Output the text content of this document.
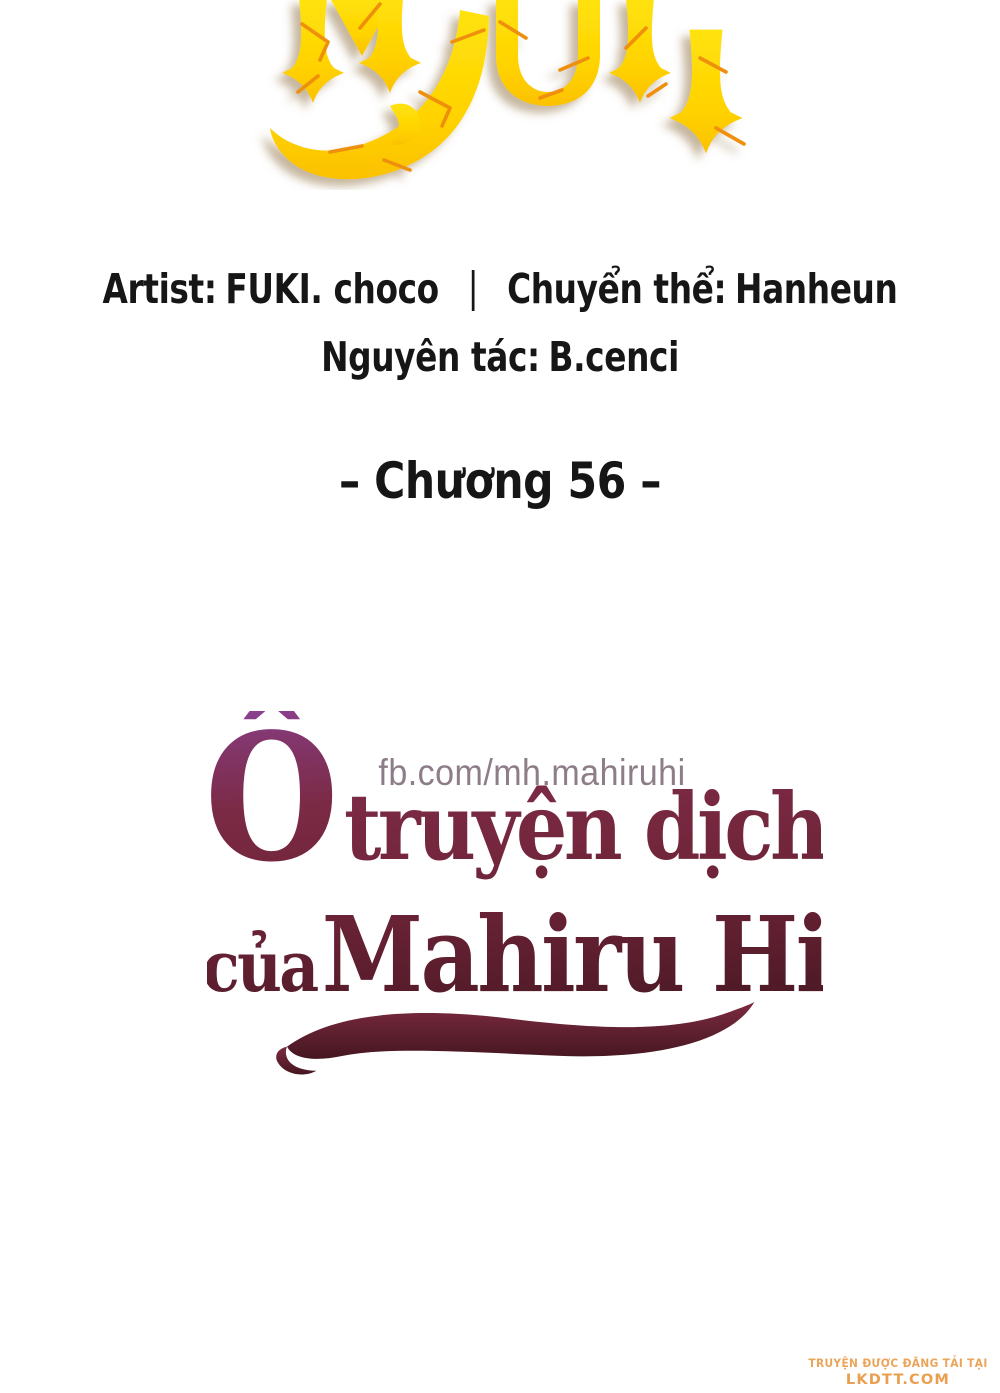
Artist: FUKI. choco | Chuyển thể: Hanheun
Nguyên tác: B.cenci
– Chương 56 –
Ổ truyện dịch
của Mahiru Hi
TRUYỆN ĐƯỢC ĐĂNG TẢI TẠI
LKDTT.COM
